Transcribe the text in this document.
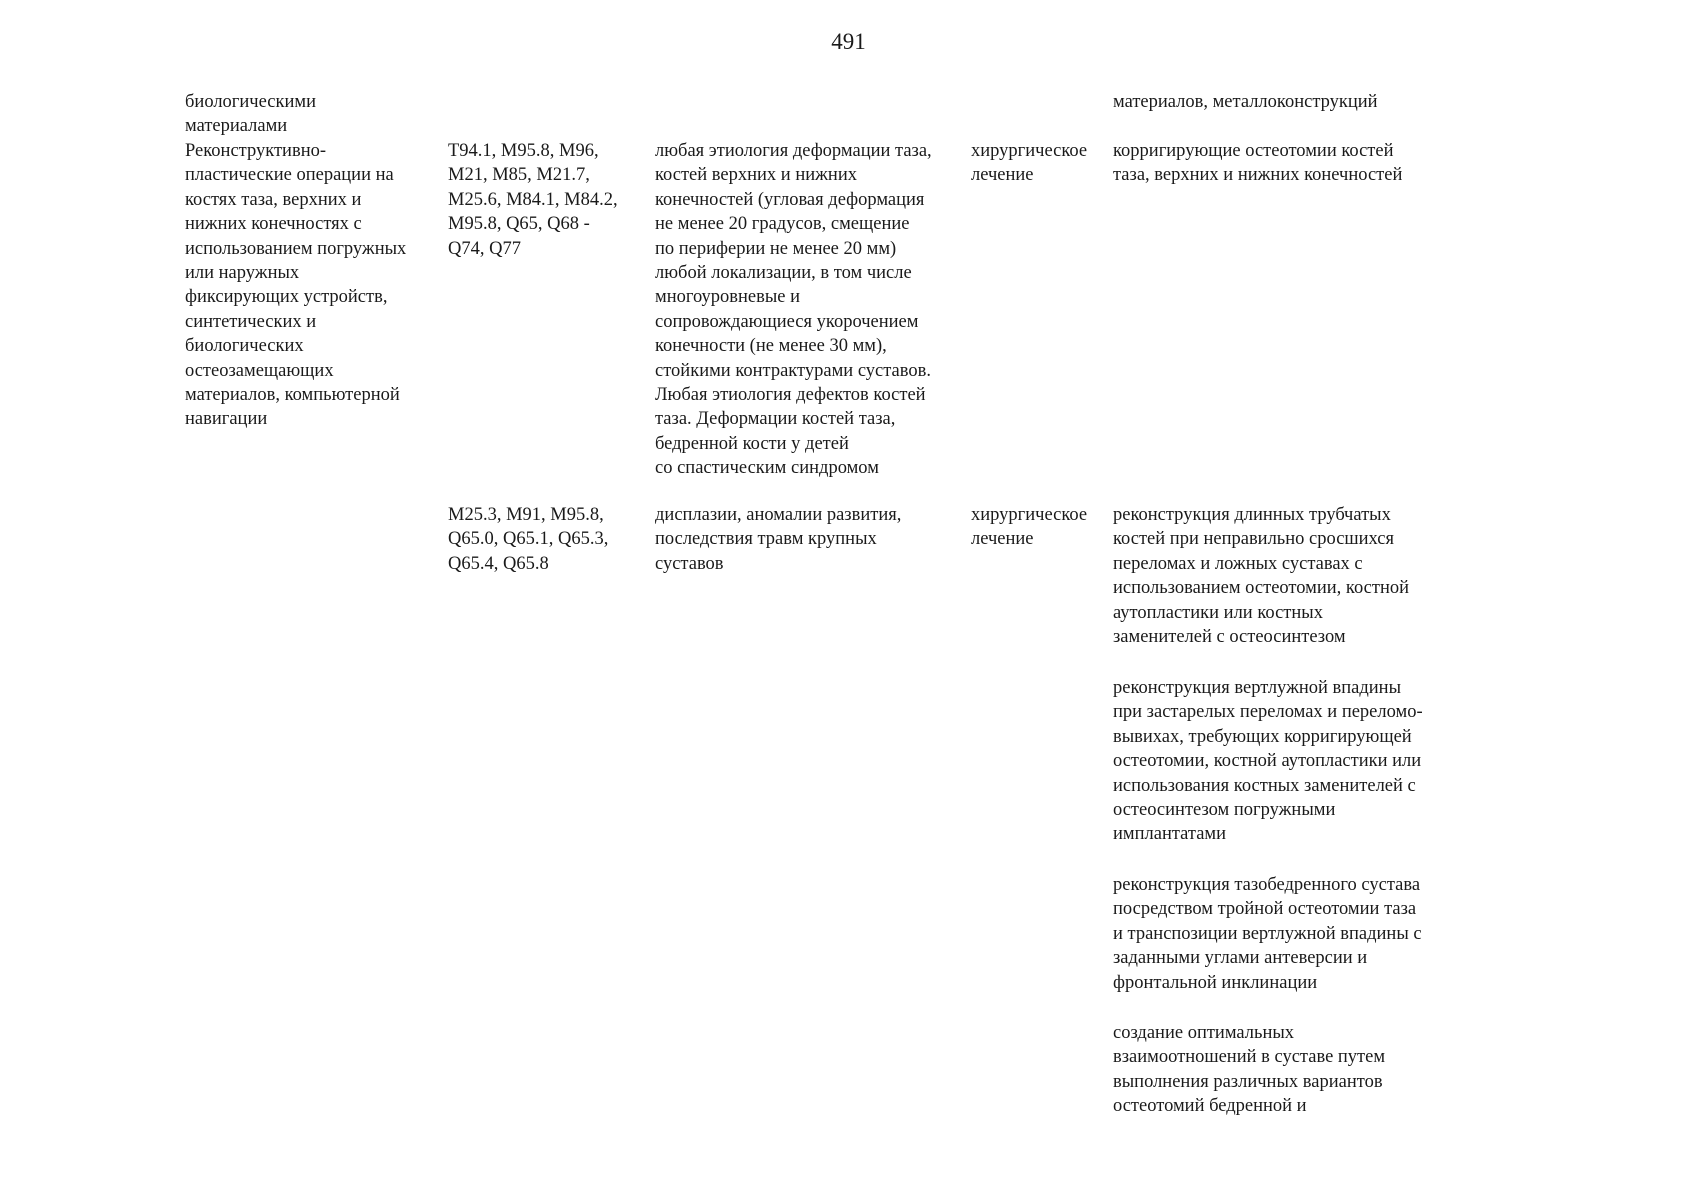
491

биологическими
материалами

материалов, металлоконструкций

Реконструктивно-
пластические операции на
костях таза, верхних и
нижних конечностях с
использованием погружных
или наружных
фиксирующих устройств,
синтетических и
биологических
остеозамещающих
материалов, компьютерной
навигации

T94.1, M95.8, M96,
M21, M85, M21.7,
M25.6, M84.1, M84.2,
M95.8, Q65, Q68 -
Q74, Q77

любая этиология деформации таза,
костей верхних и нижних
конечностей (угловая деформация
не менее 20 градусов, смещение
по периферии не менее 20 мм)
любой локализации, в том числе
многоуровневые и
сопровождающиеся укорочением
конечности (не менее 30 мм),
стойкими контрактурами суставов.
Любая этиология дефектов костей
таза. Деформации костей таза,
бедренной кости у детей
со спастическим синдромом

хирургическое
лечение

корригирующие остеотомии костей
таза, верхних и нижних конечностей

M25.3, M91, M95.8,
Q65.0, Q65.1, Q65.3,
Q65.4, Q65.8

дисплазии, аномалии развития,
последствия травм крупных
суставов

хирургическое
лечение

реконструкция длинных трубчатых
костей при неправильно сросшихся
переломах и ложных суставах с
использованием остеотомии, костной
аутопластики или костных
заменителей с остеосинтезом

реконструкция вертлужной впадины
при застарелых переломах и переломо-
вывихах, требующих корригирующей
остеотомии, костной аутопластики или
использования костных заменителей с
остеосинтезом погружными
имплантатами

реконструкция тазобедренного сустава
посредством тройной остеотомии таза
и транспозиции вертлужной впадины с
заданными углами антеверсии и
фронтальной инклинации

создание оптимальных
взаимоотношений в суставе путем
выполнения различных вариантов
остеотомий бедренной и
